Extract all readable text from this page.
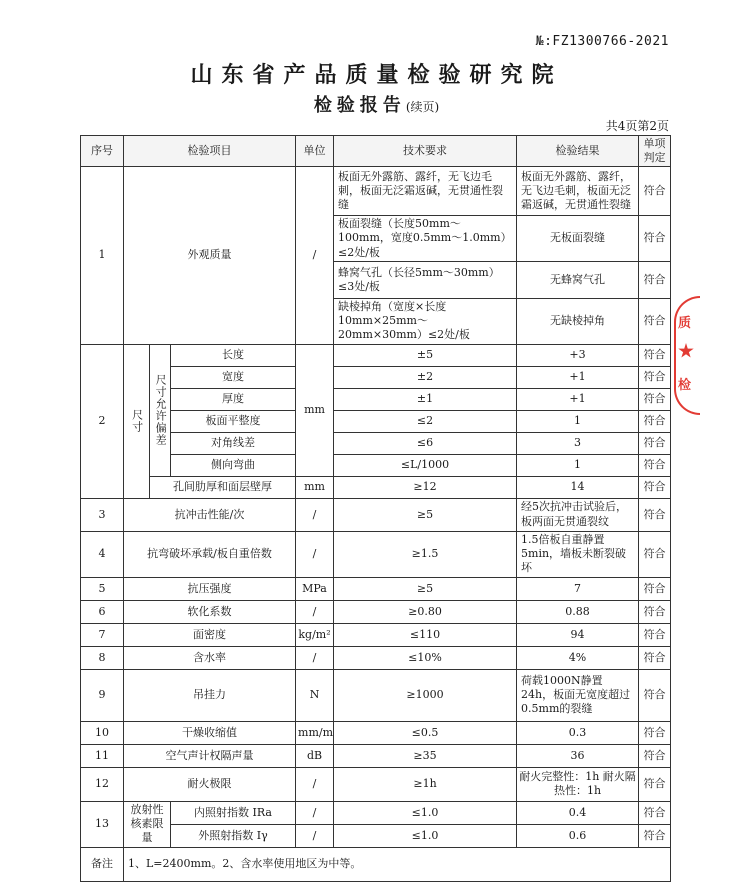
№:FZ1300766-2021
山东省产品质量检验研究院
检验报告(续页)
共4页第2页
序号	检验项目			单位	技术要求	检验结果	单项判定
1	外观质量			/	板面无外露筋、露纤，无飞边毛刺，板面无泛霜返碱，无贯通性裂缝	板面无外露筋、露纤，无飞边毛刺，板面无泛霜返碱，无贯通性裂缝	符合
					板面裂缝（长度50mm～100mm，宽度0.5mm～1.0mm）≤2处/板	无板面裂缝	符合
					蜂窝气孔（长径5mm～30mm）≤3处/板	无蜂窝气孔	符合
					缺棱掉角（宽度×长度10mm×25mm～20mm×30mm）≤2处/板	无缺棱掉角	符合
2	尺寸	尺寸允许偏差	长度	mm	±5	+3	符合
			宽度		±2	+1	符合
			厚度		±1	+1	符合
			板面平整度		≤2	1	符合
			对角线差		≤6	3	符合
			侧向弯曲		≤L/1000	1	符合
		孔间肋厚和面层壁厚		mm	≥12	14	符合
3	抗冲击性能/次			/	≥5	经5次抗冲击试验后，板两面无贯通裂纹	符合
4	抗弯破坏承载/板自重倍数			/	≥1.5	1.5倍板自重静置5min，墙板未断裂破坏	符合
5	抗压强度			MPa	≥5	7	符合
6	软化系数			/	≥0.80	0.88	符合
7	面密度			kg/m²	≤110	94	符合
8	含水率			/	≤10%	4%	符合
9	吊挂力			N	≥1000	荷载1000N静置24h，板面无宽度超过0.5mm的裂缝	符合
10	干燥收缩值			mm/m	≤0.5	0.3	符合
11	空气声计权隔声量			dB	≥35	36	符合
12	耐火极限			/	≥1h	耐火完整性：1h 耐火隔热性：1h	符合
13	放射性核素限量		内照射指数 IRa	/	≤1.0	0.4	符合
			外照射指数 Iγ	/	≤1.0	0.6	符合
备注	1、L=2400mm。2、含水率使用地区为中等。						
质
检
